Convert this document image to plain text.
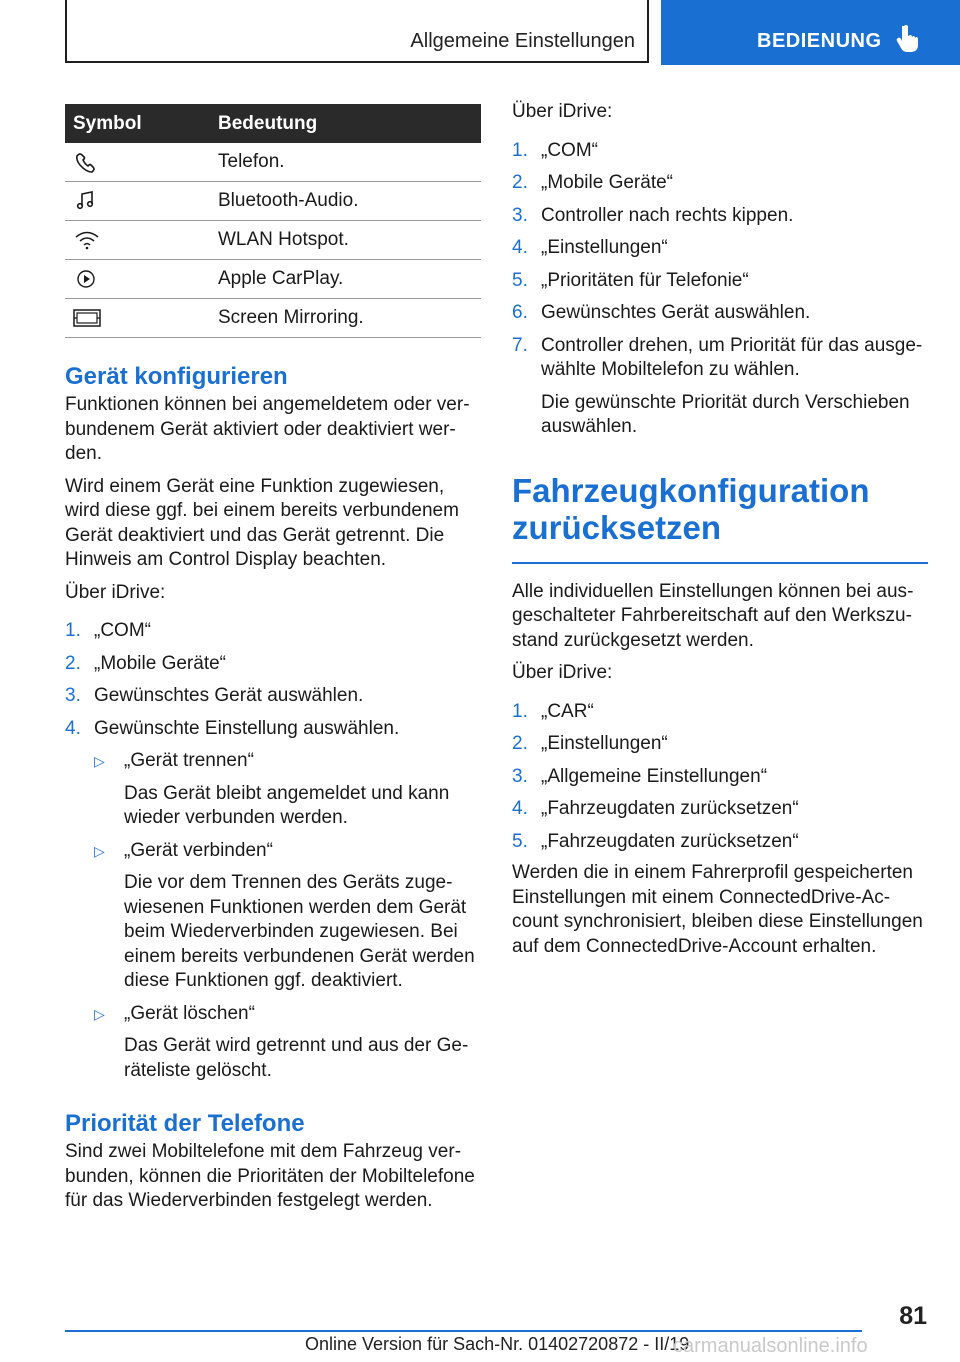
Allgemeine Einstellungen	BEDIENUNG
Symbol	Bedeutung
	Telefon.
	Bluetooth-Audio.
	WLAN Hotspot.
	Apple CarPlay.
	Screen Mirroring.
Gerät konfigurieren

Funktionen können bei angemeldetem oder verbundenem Gerät aktiviert oder deaktiviert werden.

Wird einem Gerät eine Funktion zugewiesen, wird diese ggf. bei einem bereits verbundenem Gerät deaktiviert und das Gerät getrennt. Die Hinweis am Control Display beachten.

Über iDrive:

1. „COM“
2. „Mobile Geräte“
3. Gewünschtes Gerät auswählen.
4. Gewünschte Einstellung auswählen.
▷ „Gerät trennen“
Das Gerät bleibt angemeldet und kann wieder verbunden werden.
▷ „Gerät verbinden“
Die vor dem Trennen des Geräts zugewiesenen Funktionen werden dem Gerät beim Wiederverbinden zugewiesen. Bei einem bereits verbundenen Gerät werden diese Funktionen ggf. deaktiviert.
▷ „Gerät löschen“
Das Gerät wird getrennt und aus der Geräteliste gelöscht.
Priorität der Telefone

Sind zwei Mobiltelefone mit dem Fahrzeug verbunden, können die Prioritäten der Mobiltelefone für das Wiederverbinden festgelegt werden.

Über iDrive:

1. „COM“
2. „Mobile Geräte“
3. Controller nach rechts kippen.
4. „Einstellungen“
5. „Prioritäten für Telefonie“
6. Gewünschtes Gerät auswählen.
7. Controller drehen, um Priorität für das ausgewählte Mobiltelefon zu wählen.
Die gewünschte Priorität durch Verschieben auswählen.
Fahrzeugkonfiguration
zurücksetzen

Alle individuellen Einstellungen können bei ausgeschalteter Fahrbereitschaft auf den Werkszustand zurückgesetzt werden.

Über iDrive:

1. „CAR“
2. „Einstellungen“
3. „Allgemeine Einstellungen“
4. „Fahrzeugdaten zurücksetzen“
5. „Fahrzeugdaten zurücksetzen“

Werden die in einem Fahrerprofil gespeicherten Einstellungen mit einem ConnectedDrive-Account synchronisiert, bleiben diese Einstellungen auf dem ConnectedDrive-Account erhalten.

81
Online Version für Sach-Nr. 01402720872 - II/19
carmanualsonline.info
